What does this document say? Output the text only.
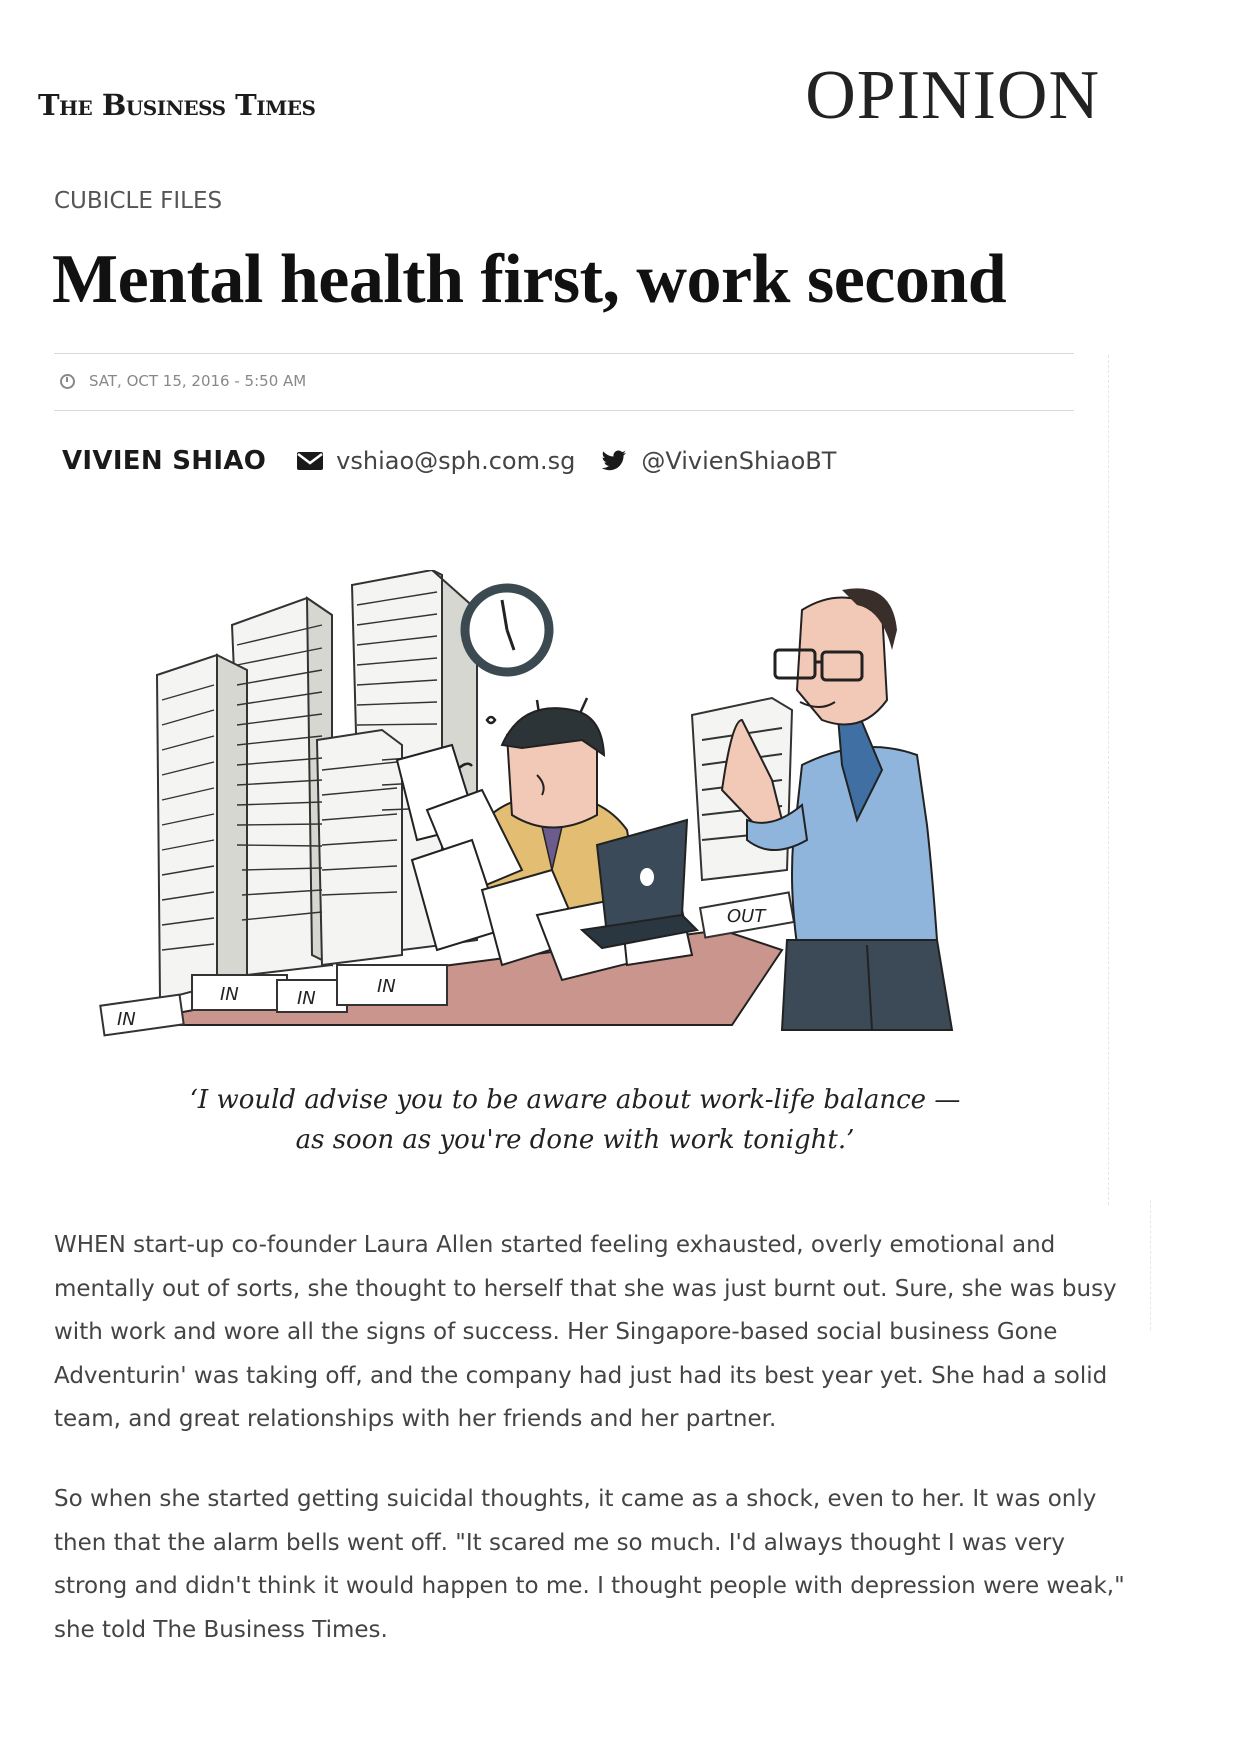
The Business Times	OPINION
CUBICLE FILES
Mental health first, work second
SAT, OCT 15, 2016 - 5:50 AM
VIVIEN SHIAO	vshiao@sph.com.sg	@VivienShiaoBT
IN
IN	IN
IN
OUT
‘I would advise you to be aware about work-life balance —
as soon as you're done with work tonight.’

WHEN start-up co-founder Laura Allen started feeling exhausted, overly emotional and mentally out of sorts, she thought to herself that she was just burnt out. Sure, she was busy with work and wore all the signs of success. Her Singapore-based social business Gone Adventurin' was taking off, and the company had just had its best year yet. She had a solid team, and great relationships with her friends and her partner.

So when she started getting suicidal thoughts, it came as a shock, even to her. It was only then that the alarm bells went off. "It scared me so much. I'd always thought I was very strong and didn't think it would happen to me. I thought people with depression were weak," she told The Business Times.
